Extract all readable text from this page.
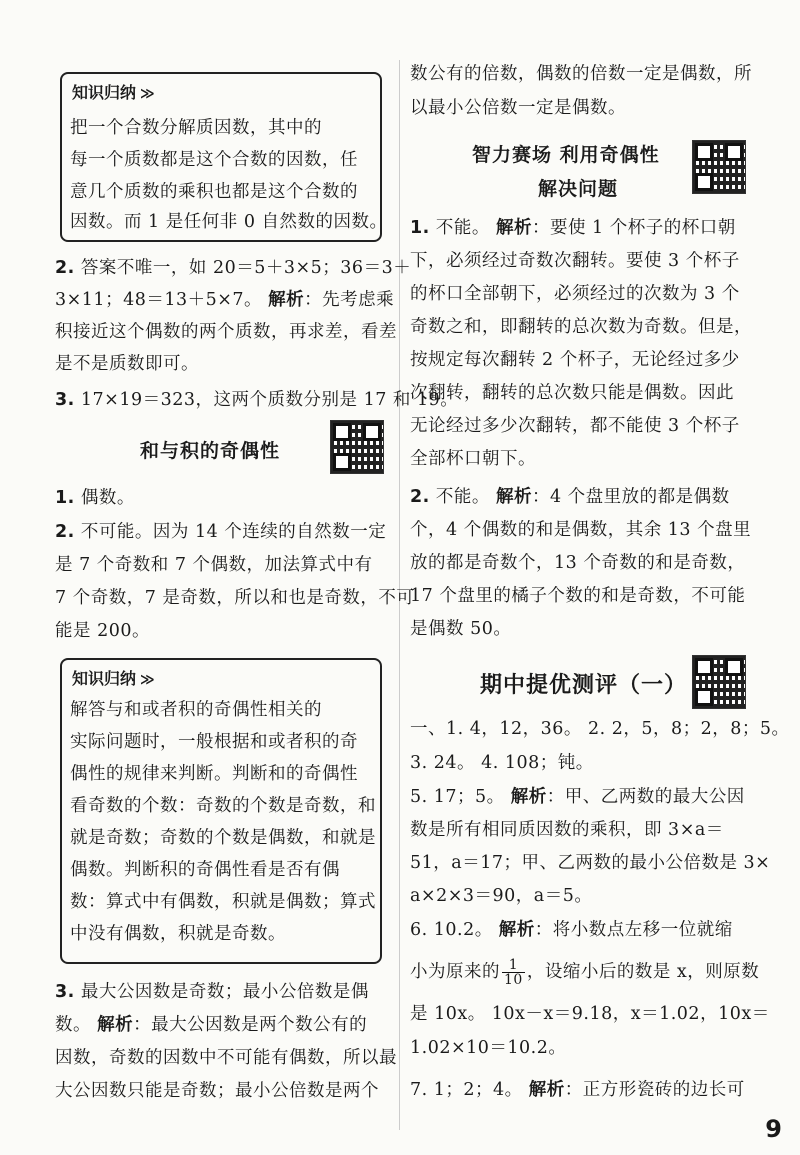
知识归纳 ≫
把一个合数分解质因数，其中的
每一个质数都是这个合数的因数，任
意几个质数的乘积也都是这个合数的
因数。而 1 是任何非 0 自然数的因数。
2. 答案不唯一，如 20＝5＋3×5；36＝3＋
3×11；48＝13＋5×7。 解析：先考虑乘
积接近这个偶数的两个质数，再求差，看差
是不是质数即可。
3. 17×19＝323，这两个质数分别是 17 和 19。
和与积的奇偶性
1. 偶数。
2. 不可能。因为 14 个连续的自然数一定
是 7 个奇数和 7 个偶数，加法算式中有
7 个奇数，7 是奇数，所以和也是奇数，不可
能是 200。
知识归纳 ≫
解答与和或者积的奇偶性相关的
实际问题时，一般根据和或者积的奇
偶性的规律来判断。判断和的奇偶性
看奇数的个数：奇数的个数是奇数，和
就是奇数；奇数的个数是偶数，和就是
偶数。判断积的奇偶性看是否有偶
数：算式中有偶数，积就是偶数；算式
中没有偶数，积就是奇数。
3. 最大公因数是奇数；最小公倍数是偶
数。 解析：最大公因数是两个数公有的
因数，奇数的因数中不可能有偶数，所以最
大公因数只能是奇数；最小公倍数是两个
数公有的倍数，偶数的倍数一定是偶数，所
以最小公倍数一定是偶数。
智力赛场 利用奇偶性
解决问题
1. 不能。 解析：要使 1 个杯子的杯口朝
下，必须经过奇数次翻转。要使 3 个杯子
的杯口全部朝下，必须经过的次数为 3 个
奇数之和，即翻转的总次数为奇数。但是，
按规定每次翻转 2 个杯子，无论经过多少
次翻转，翻转的总次数只能是偶数。因此
无论经过多少次翻转，都不能使 3 个杯子
全部杯口朝下。
2. 不能。 解析：4 个盘里放的都是偶数
个，4 个偶数的和是偶数，其余 13 个盘里
放的都是奇数个，13 个奇数的和是奇数，
17 个盘里的橘子个数的和是奇数，不可能
是偶数 50。
期中提优测评（一）
一、1. 4，12，36。 2. 2，5，8；2，8；5。
3. 24。 4. 108；钝。
5. 17；5。 解析：甲、乙两数的最大公因
数是所有相同质因数的乘积，即 3×a＝
51，a＝17；甲、乙两数的最小公倍数是 3×
a×2×3＝90，a＝5。
6. 10.2。 解析：将小数点左移一位就缩
小为原来的 $\frac{1}{10}$ ，设缩小后的数是 x，则原数
是 10x。 10x－x＝9.18，x＝1.02，10x＝
1.02×10＝10.2。
7. 1；2；4。 解析：正方形瓷砖的边长可
9
